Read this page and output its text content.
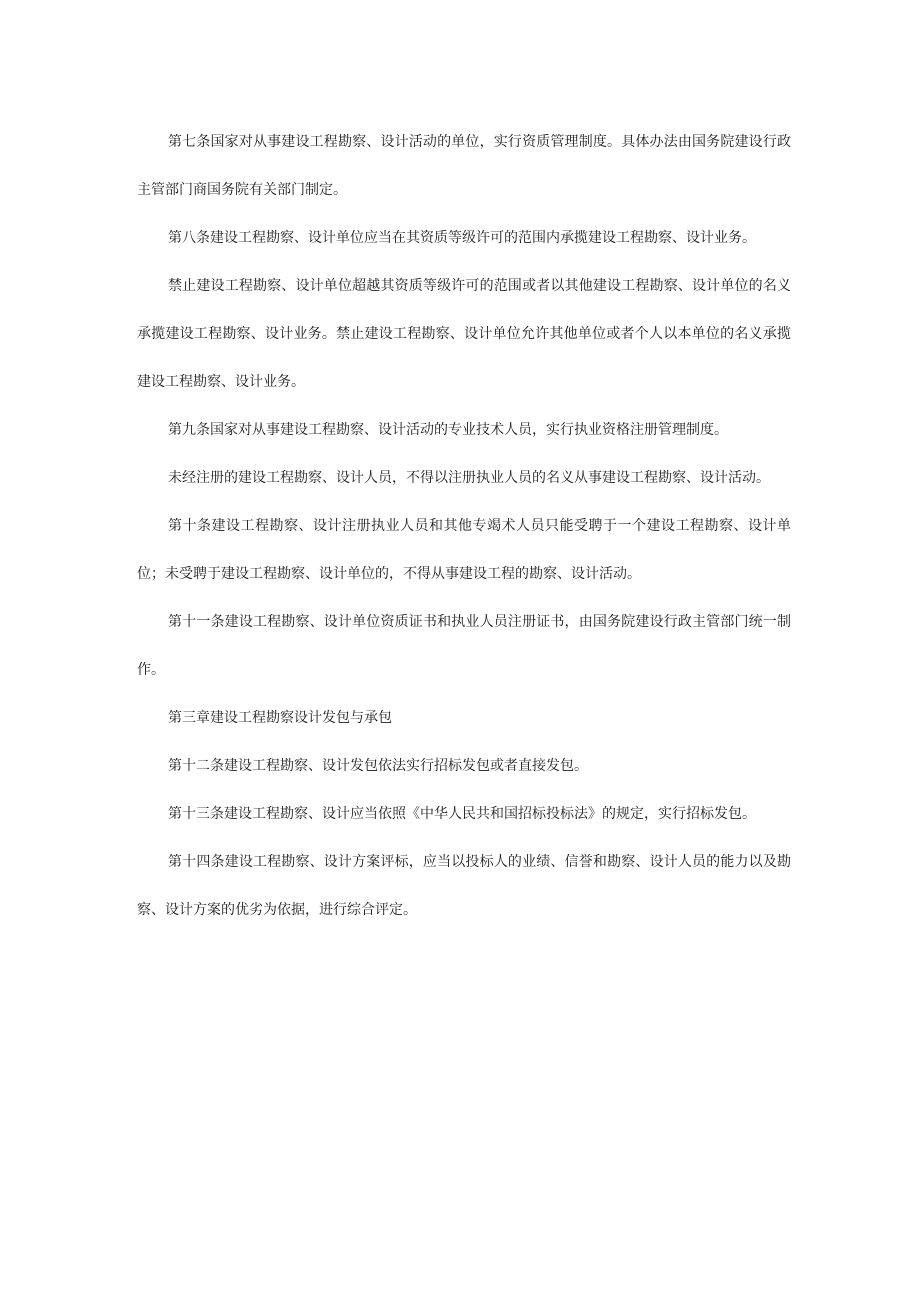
第七条国家对从事建设工程勘察、设计活动的单位，实行资质管理制度。具体办法由国务院建设行政主管部门商国务院有关部门制定。

第八条建设工程勘察、设计单位应当在其资质等级许可的范围内承揽建设工程勘察、设计业务。

禁止建设工程勘察、设计单位超越其资质等级许可的范围或者以其他建设工程勘察、设计单位的名义承揽建设工程勘察、设计业务。禁止建设工程勘察、设计单位允许其他单位或者个人以本单位的名义承揽建设工程勘察、设计业务。

第九条国家对从事建设工程勘察、设计活动的专业技术人员，实行执业资格注册管理制度。

未经注册的建设工程勘察、设计人员，不得以注册执业人员的名义从事建设工程勘察、设计活动。

第十条建设工程勘察、设计注册执业人员和其他专竭术人员只能受聘于一个建设工程勘察、设计单位；未受聘于建设工程勘察、设计单位的，不得从事建设工程的勘察、设计活动。

第十一条建设工程勘察、设计单位资质证书和执业人员注册证书，由国务院建设行政主管部门统一制作。

第三章建设工程勘察设计发包与承包

第十二条建设工程勘察、设计发包依法实行招标发包或者直接发包。

第十三条建设工程勘察、设计应当依照《中华人民共和国招标投标法》的规定，实行招标发包。

第十四条建设工程勘察、设计方案评标，应当以投标人的业绩、信誉和勘察、设计人员的能力以及勘察、设计方案的优劣为依据，进行综合评定。
